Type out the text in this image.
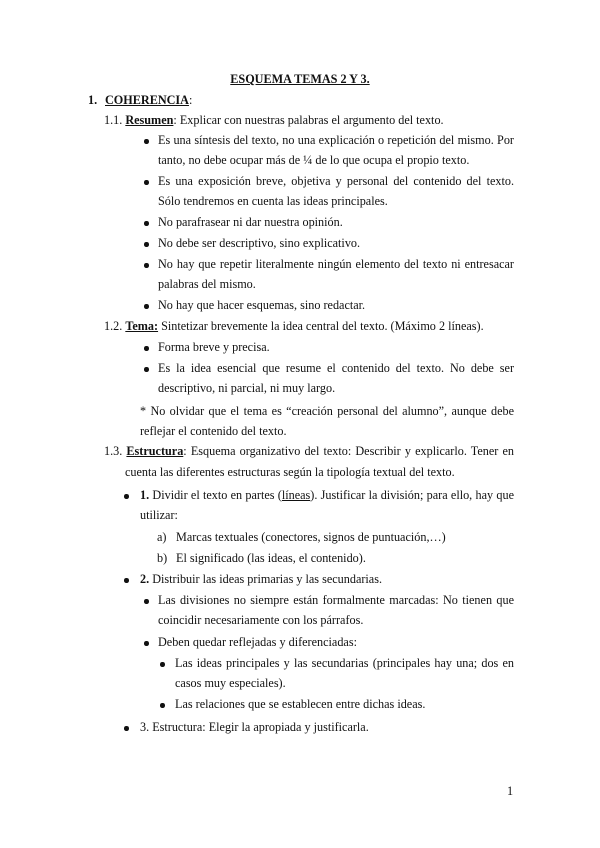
ESQUEMA TEMAS 2 Y 3.
1. COHERENCIA:
1.1. Resumen: Explicar con nuestras palabras el argumento del texto.
Es una síntesis del texto, no una explicación o repetición del mismo. Por
tanto, no debe ocupar más de ¼ de lo que ocupa el propio texto.
Es una exposición breve, objetiva y personal del contenido del texto.
Sólo tendremos en cuenta las ideas principales.
No parafrasear ni dar nuestra opinión.
No debe ser descriptivo, sino explicativo.
No hay que repetir literalmente ningún elemento del texto ni entresacar
palabras del mismo.
No hay que hacer esquemas, sino redactar.
1.2. Tema: Sintetizar brevemente la idea central del texto. (Máximo 2 líneas).
Forma breve y precisa.
Es la idea esencial que resume el contenido del texto. No debe ser
descriptivo, ni parcial, ni muy largo.
* No olvidar que el tema es “creación personal del alumno”, aunque debe
reflejar el contenido del texto.
1.3. Estructura: Esquema organizativo del texto: Describir y explicarlo. Tener en
cuenta las diferentes estructuras según la tipología textual del texto.
1. Dividir el texto en partes (líneas). Justificar la división; para ello, hay que
utilizar:
a) Marcas textuales (conectores, signos de puntuación,…)
b) El significado (las ideas, el contenido).
2. Distribuir las ideas primarias y las secundarias.
Las divisiones no siempre están formalmente marcadas: No tienen que
coincidir necesariamente con los párrafos.
Deben quedar reflejadas y diferenciadas:
Las ideas principales y las secundarias (principales hay una; dos en
casos muy especiales).
Las relaciones que se establecen entre dichas ideas.
3. Estructura: Elegir la apropiada y justificarla.
1
